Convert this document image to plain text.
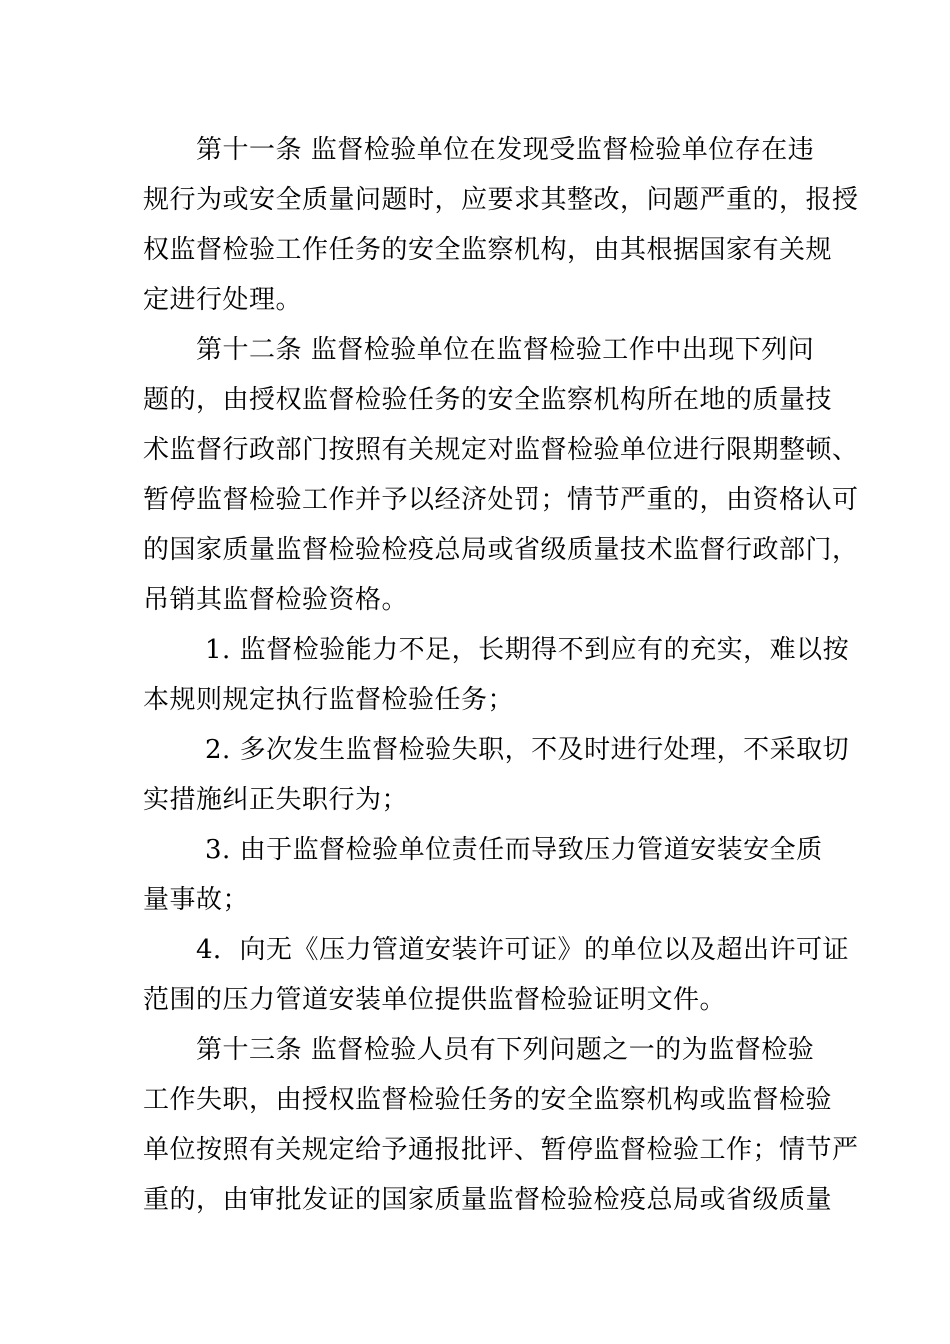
第十一条 监督检验单位在发现受监督检验单位存在违
规行为或安全质量问题时，应要求其整改，问题严重的，报授
权监督检验工作任务的安全监察机构，由其根据国家有关规
定进行处理。
第十二条 监督检验单位在监督检验工作中出现下列问
题的，由授权监督检验任务的安全监察机构所在地的质量技
术监督行政部门按照有关规定对监督检验单位进行限期整顿、
暂停监督检验工作并予以经济处罚；情节严重的，由资格认可
的国家质量监督检验检疫总局或省级质量技术监督行政部门，
吊销其监督检验资格。
1. 监督检验能力不足，长期得不到应有的充实，难以按
本规则规定执行监督检验任务；
2. 多次发生监督检验失职，不及时进行处理，不采取切
实措施纠正失职行为；
3. 由于监督检验单位责任而导致压力管道安装安全质
量事故；
4．向无《压力管道安装许可证》的单位以及超出许可证
范围的压力管道安装单位提供监督检验证明文件。
第十三条 监督检验人员有下列问题之一的为监督检验
工作失职，由授权监督检验任务的安全监察机构或监督检验
单位按照有关规定给予通报批评、暂停监督检验工作；情节严
重的，由审批发证的国家质量监督检验检疫总局或省级质量
